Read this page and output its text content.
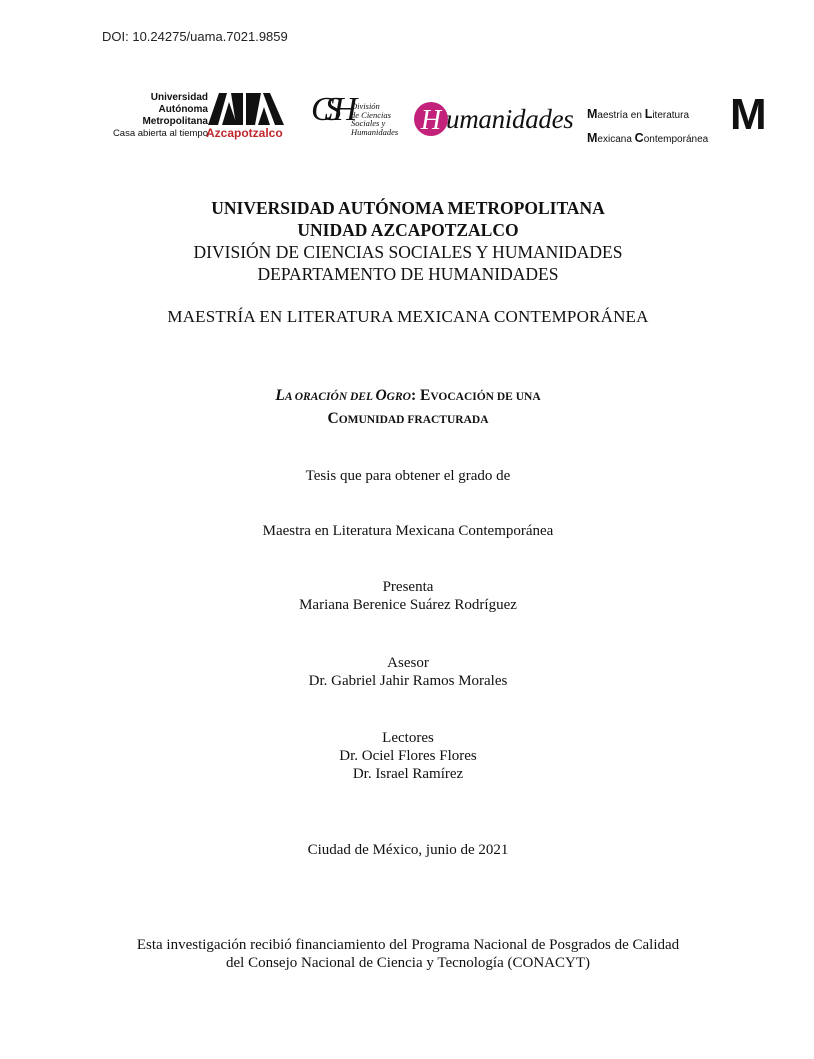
DOI: 10.24275/uama.7021.9859
Universidad
Autónoma
Metropolitana
Casa abierta al tiempo
Azcapotzalco
CSH División
de Ciencias
Sociales y
Humanidades H umanidades Maestría en Literatura
Mexicana Contemporánea
M
UNIVERSIDAD AUTÓNOMA METROPOLITANA
UNIDAD AZCAPOTZALCO
DIVISIÓN DE CIENCIAS SOCIALES Y HUMANIDADES
DEPARTAMENTO DE HUMANIDADES
MAESTRÍA EN LITERATURA MEXICANA CONTEMPORÁNEA
LA ORACIÓN DEL OGRO: EVOCACIÓN DE UNA
COMUNIDAD FRACTURADA
Tesis que para obtener el grado de
Maestra en Literatura Mexicana Contemporánea
Presenta
Mariana Berenice Suárez Rodríguez
Asesor
Dr. Gabriel Jahir Ramos Morales
Lectores
Dr. Ociel Flores Flores
Dr. Israel Ramírez
Ciudad de México, junio de 2021
Esta investigación recibió financiamiento del Programa Nacional de Posgrados de Calidad
del Consejo Nacional de Ciencia y Tecnología (CONACYT)
